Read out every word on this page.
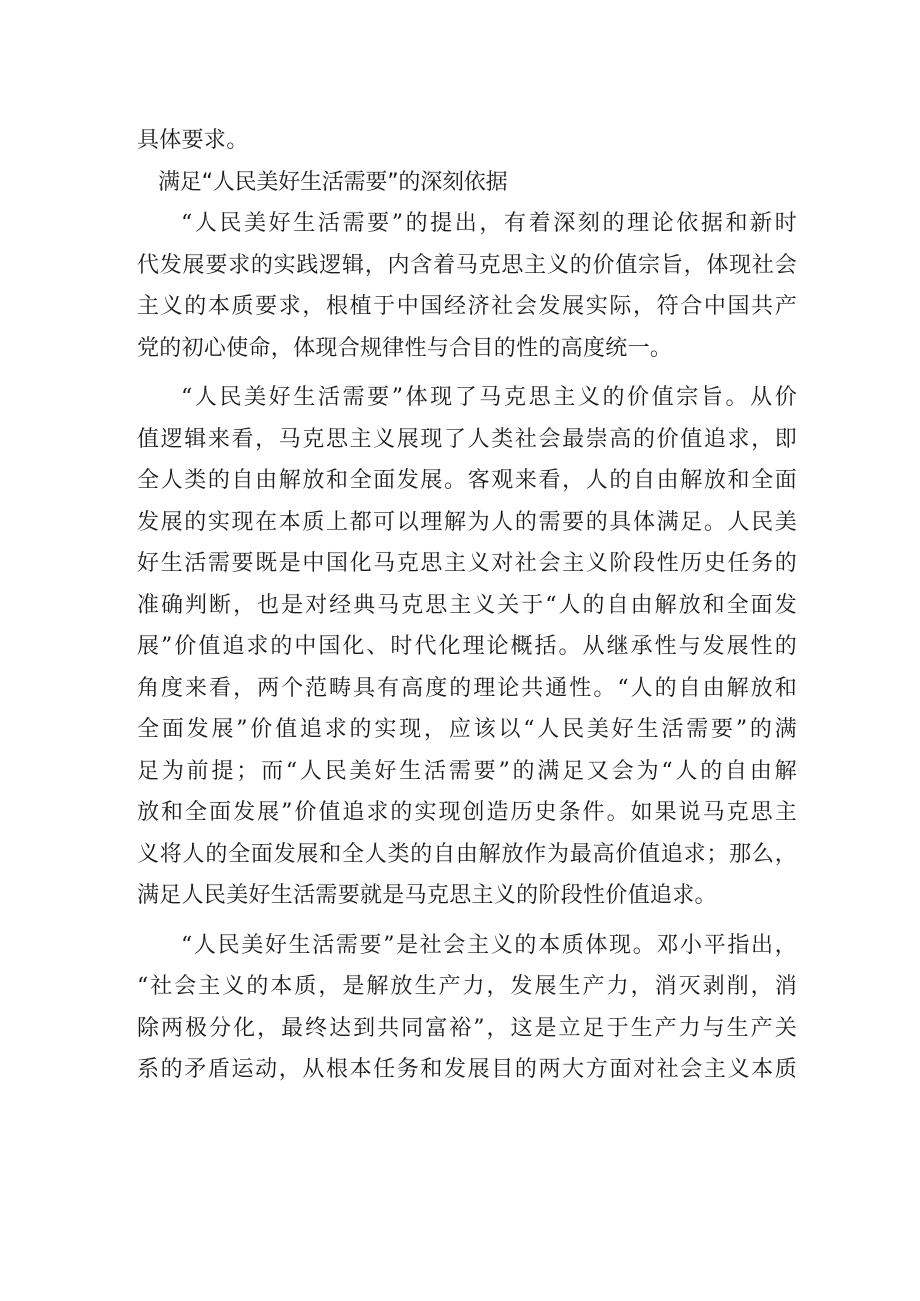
具体要求。
满足“人民美好生活需要”的深刻依据
“人民美好生活需要”的提出，有着深刻的理论依据和新时
代发展要求的实践逻辑，内含着马克思主义的价值宗旨，体现社会
主义的本质要求，根植于中国经济社会发展实际，符合中国共产
党的初心使命，体现合规律性与合目的性的高度统一。
“人民美好生活需要”体现了马克思主义的价值宗旨。从价
值逻辑来看，马克思主义展现了人类社会最崇高的价值追求，即
全人类的自由解放和全面发展。客观来看，人的自由解放和全面
发展的实现在本质上都可以理解为人的需要的具体满足。人民美
好生活需要既是中国化马克思主义对社会主义阶段性历史任务的
准确判断，也是对经典马克思主义关于“人的自由解放和全面发
展”价值追求的中国化、时代化理论概括。从继承性与发展性的
角度来看，两个范畴具有高度的理论共通性。“人的自由解放和
全面发展”价值追求的实现，应该以“人民美好生活需要”的满
足为前提；而“人民美好生活需要”的满足又会为“人的自由解
放和全面发展”价值追求的实现创造历史条件。如果说马克思主
义将人的全面发展和全人类的自由解放作为最高价值追求；那么，
满足人民美好生活需要就是马克思主义的阶段性价值追求。
“人民美好生活需要”是社会主义的本质体现。邓小平指出，
“社会主义的本质，是解放生产力，发展生产力，消灭剥削，消
除两极分化，最终达到共同富裕”，这是立足于生产力与生产关
系的矛盾运动，从根本任务和发展目的两大方面对社会主义本质
